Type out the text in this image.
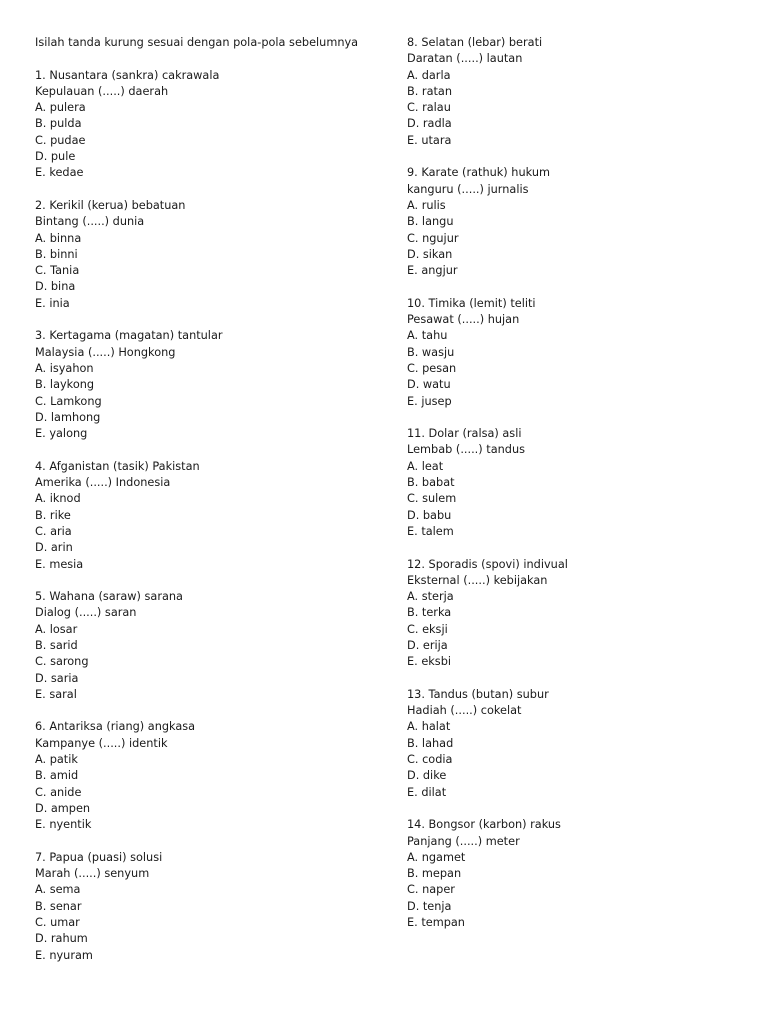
Isilah tanda kurung sesuai dengan pola-pola sebelumnya
1. Nusantara (sankra) cakrawala
Kepulauan (.....) daerah
A. pulera
B. pulda
C. pudae
D. pule
E. kedae
2. Kerikil (kerua) bebatuan
Bintang (.....) dunia
A. binna
B. binni
C. Tania
D. bina
E. inia
3. Kertagama (magatan) tantular
Malaysia (.....) Hongkong
A. isyahon
B. laykong
C. Lamkong
D. lamhong
E. yalong
4. Afganistan (tasik) Pakistan
Amerika (.....) Indonesia
A. iknod
B. rike
C. aria
D. arin
E. mesia
5. Wahana (saraw) sarana
Dialog (.....) saran
A. losar
B. sarid
C. sarong
D. saria
E. saral
6. Antariksa (riang) angkasa
Kampanye (.....) identik
A. patik
B. amid
C. anide
D. ampen
E. nyentik
7. Papua (puasi) solusi
Marah (.....) senyum
A. sema
B. senar
C. umar
D. rahum
E. nyuram
8. Selatan (lebar) berati
Daratan (.....) lautan
A. darla
B. ratan
C. ralau
D. radla
E. utara
9. Karate (rathuk) hukum
kanguru (.....) jurnalis
A. rulis
B. langu
C. ngujur
D. sikan
E. angjur
10. Timika (lemit) teliti
Pesawat (.....) hujan
A. tahu
B. wasju
C. pesan
D. watu
E. jusep
11. Dolar (ralsa) asli
Lembab (.....) tandus
A. leat
B. babat
C. sulem
D. babu
E. talem
12. Sporadis (spovi) indivual
Eksternal (.....) kebijakan
A. sterja
B. terka
C. eksji
D. erija
E. eksbi
13. Tandus (butan) subur
Hadiah (.....) cokelat
A. halat
B. lahad
C. codia
D. dike
E. dilat
14. Bongsor (karbon) rakus
Panjang (.....) meter
A. ngamet
B. mepan
C. naper
D. tenja
E. tempan
